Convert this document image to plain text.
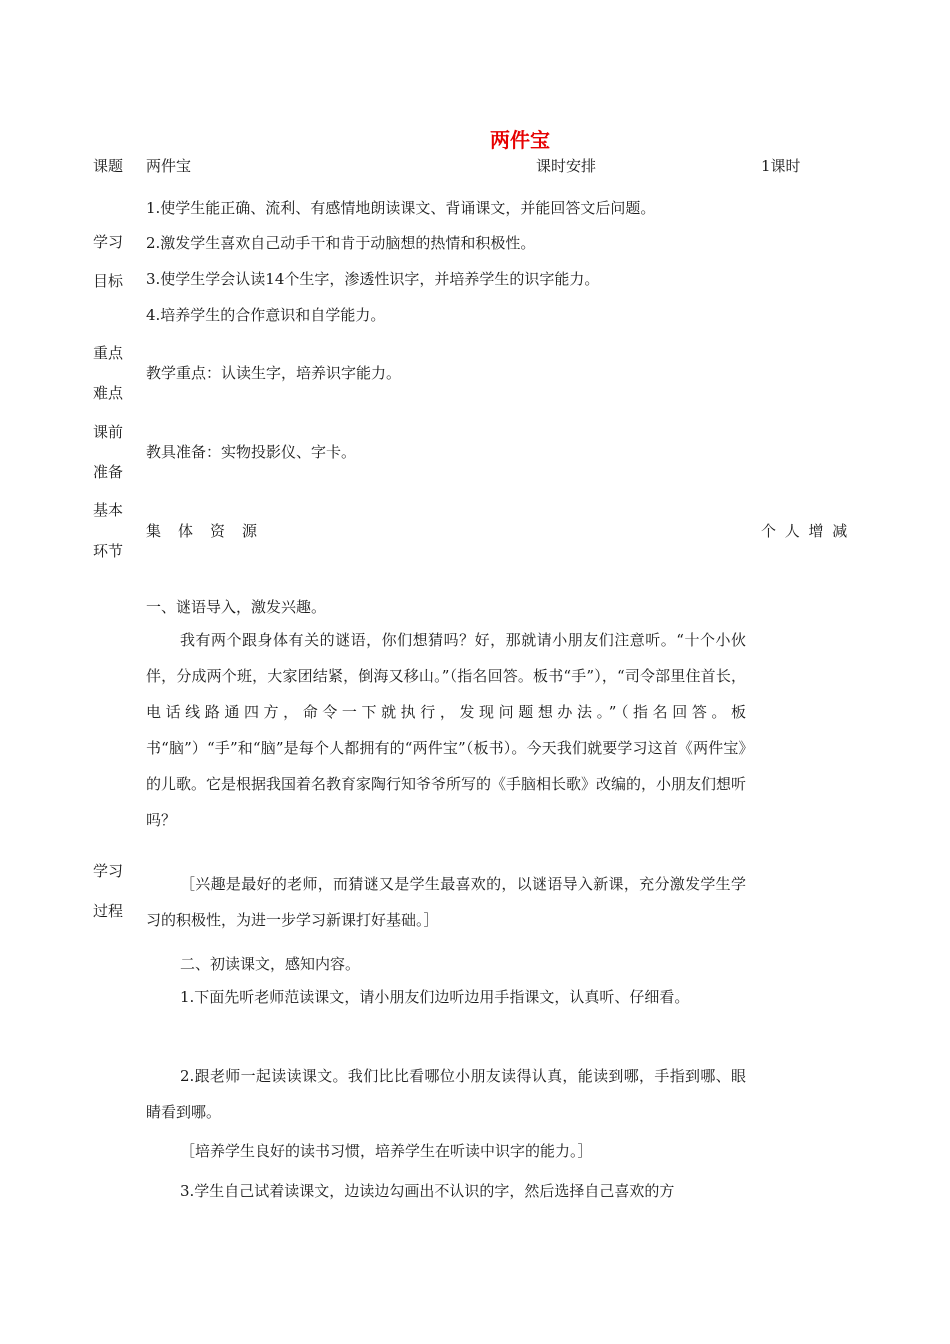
两件宝
课题	两件宝	课时安排	1课时
学习
目标
1.使学生能正确、流利、有感情地朗读课文、背诵课文，并能回答文后问题。
2.激发学生喜欢自己动手干和肯于动脑想的热情和积极性。
3.使学生学会认读14个生字，渗透性识字，并培养学生的识字能力。
4.培养学生的合作意识和自学能力。
重点
难点
教学重点：认读生字，培养识字能力。
课前
准备
教具准备：实物投影仪、字卡。
基本
环节
集　体　资　源	个 人 增 减
学习
过程
一、谜语导入，激发兴趣。
我有两个跟身体有关的谜语，你们想猜吗？好，那就请小朋友们注意听。“十个小伙伴，分成两个班，大家团结紧，倒海又移山。”（指名回答。板书“手”），“司令部里住首长，电话线路通四方，命令一下就执行，发现问题想办法。”（指名回答。板书“脑”）“手”和“脑”是每个人都拥有的“两件宝”（板书）。今天我们就要学习这首《两件宝》的儿歌。它是根据我国着名教育家陶行知爷爷所写的《手脑相长歌》改编的，小朋友们想听吗？
［兴趣是最好的老师，而猜谜又是学生最喜欢的，以谜语导入新课，充分激发学生学习的积极性，为进一步学习新课打好基础。］
二、初读课文，感知内容。
1.下面先听老师范读课文，请小朋友们边听边用手指课文，认真听、仔细看。
2.跟老师一起读读课文。我们比比看哪位小朋友读得认真，能读到哪，手指到哪、眼睛看到哪。
［培养学生良好的读书习惯，培养学生在听读中识字的能力。］
3.学生自己试着读课文，边读边勾画出不认识的字，然后选择自己喜欢的方
